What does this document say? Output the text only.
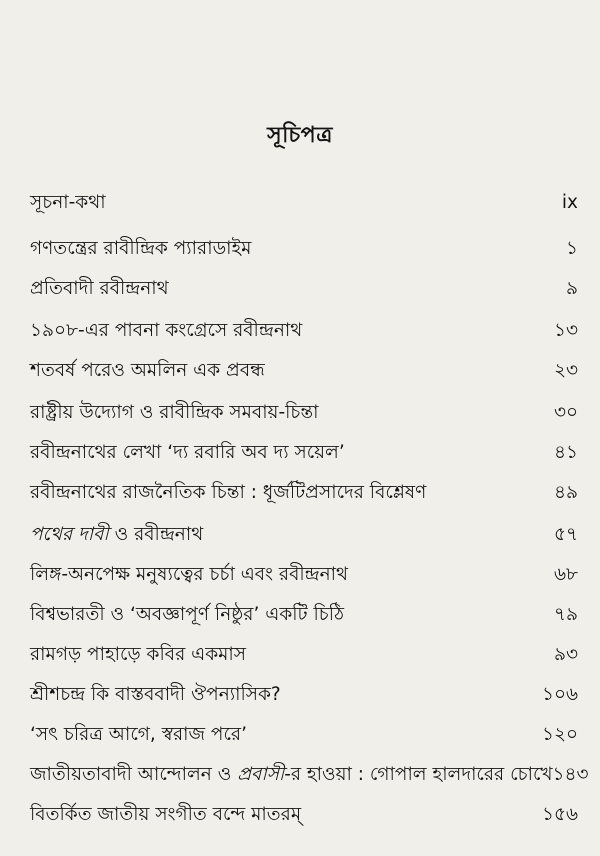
সূচিপত্র
সূচনা-কথা	ix
গণতন্ত্রের রাবীন্দ্রিক প্যারাডাইম	১
প্রতিবাদী রবীন্দ্রনাথ	৯
১৯০৮-এর পাবনা কংগ্রেসে রবীন্দ্রনাথ	১৩
শতবর্ষ পরেও অমলিন এক প্রবন্ধ	২৩
রাষ্ট্রীয় উদ্যোগ ও রাবীন্দ্রিক সমবায়-চিন্তা	৩০
রবীন্দ্রনাথের লেখা ‘দ্য রবারি অব দ্য সয়েল’	৪১
রবীন্দ্রনাথের রাজনৈতিক চিন্তা : ধূর্জটিপ্রসাদের বিশ্লেষণ	৪৯
পথের দাবী ও রবীন্দ্রনাথ	৫৭
লিঙ্গ-অনপেক্ষ মনুষ্যত্বের চর্চা এবং রবীন্দ্রনাথ	৬৮
বিশ্বভারতী ও ‘অবজ্ঞাপূর্ণ নিষ্ঠুর’ একটি চিঠি	৭৯
রামগড় পাহাড়ে কবির একমাস	৯৩
শ্রীশচন্দ্র কি বাস্তববাদী ঔপন্যাসিক?	১০৬
‘সৎ চরিত্র আগে, স্বরাজ পরে’	১২০
জাতীয়তাবাদী আন্দোলন ও প্রবাসী-র হাওয়া : গোপাল হালদারের চোখে ১৪৩
বিতর্কিত জাতীয় সংগীত বন্দে মাতরম্	১৫৬
